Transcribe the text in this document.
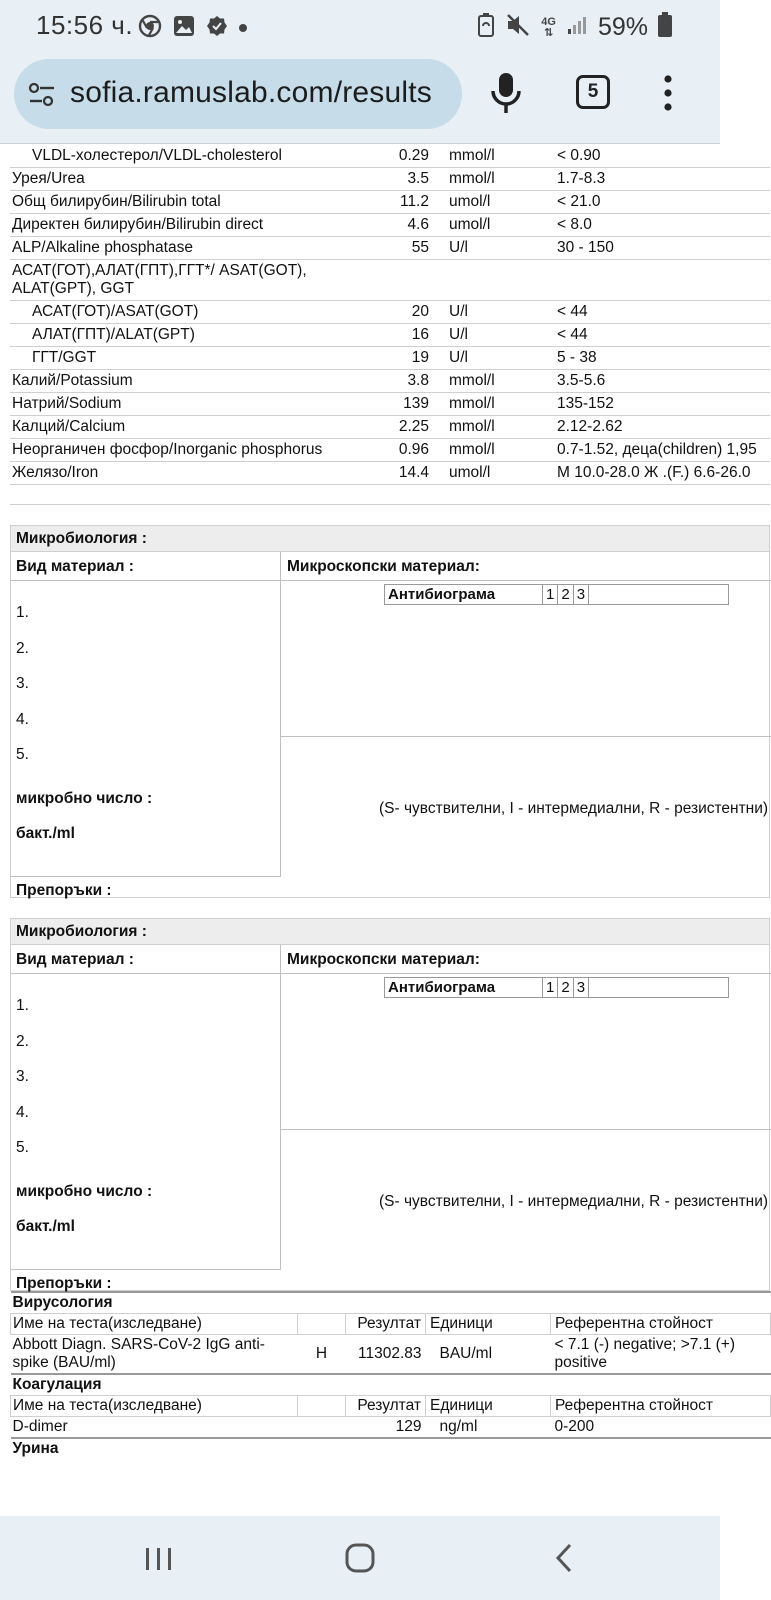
15:56 ч.	4G
⇅ 59%
sofia.ramuslab.com/results	5
VLDL-холестерол/VLDL-cholesterol	0.29	mmol/l	< 0.90
Урея/Urea	3.5	mmol/l	1.7-8.3
Общ билирубин/Bilirubin total	11.2	umol/l	< 21.0
Директен билирубин/Bilirubin direct	4.6	umol/l	< 8.0
ALP/Alkaline phosphatase	55	U/l	30 - 150
АСАТ(ГОТ),АЛАТ(ГПТ),ГГТ*/ ASAT(GOT), ALAT(GPT), GGT			
АСАТ(ГОТ)/ASAT(GOT)	20	U/l	< 44
АЛАТ(ГПТ)/ALAT(GPT)	16	U/l	< 44
ГГТ/GGT	19	U/l	5 - 38
Калий/Potassium	3.8	mmol/l	3.5-5.6
Натрий/Sodium	139	mmol/l	135-152
Калций/Calcium	2.25	mmol/l	2.12-2.62
Неорганичен фосфор/Inorganic phosphorus	0.96	mmol/l	0.7-1.52, деца(children) 1,95
Желязо/Iron	14.4	umol/l	М 10.0-28.0 Ж .(F.) 6.6-26.0
Микробиология :
Вид материал :
1.
2.
3.
4.
5.
микробно число :
бакт./ml
Микроскопски материал:
Антибиограма	1	2	3	
(S- чувствителни, I - интермедиални, R - резистентни)
Препоръки :
Микробиология :
Вид материал :
1.
2.
3.
4.
5.
микробно число :
бакт./ml
Микроскопски материал:
Антибиограма	1	2	3	
(S- чувствителни, I - интермедиални, R - резистентни)
Препоръки :
Вирусология				
Име на теста(изследване)		Резултат	Единици	Референтна стойност
Abbott Diagn. SARS-CoV-2 IgG anti-spike (BAU/ml)	H	11302.83	BAU/ml	< 7.1 (-) negative; >7.1 (+) positive
Коагулация				
Име на теста(изследване)		Резултат	Единици	Референтна стойност
D-dimer		129	ng/ml	0-200
Урина				
